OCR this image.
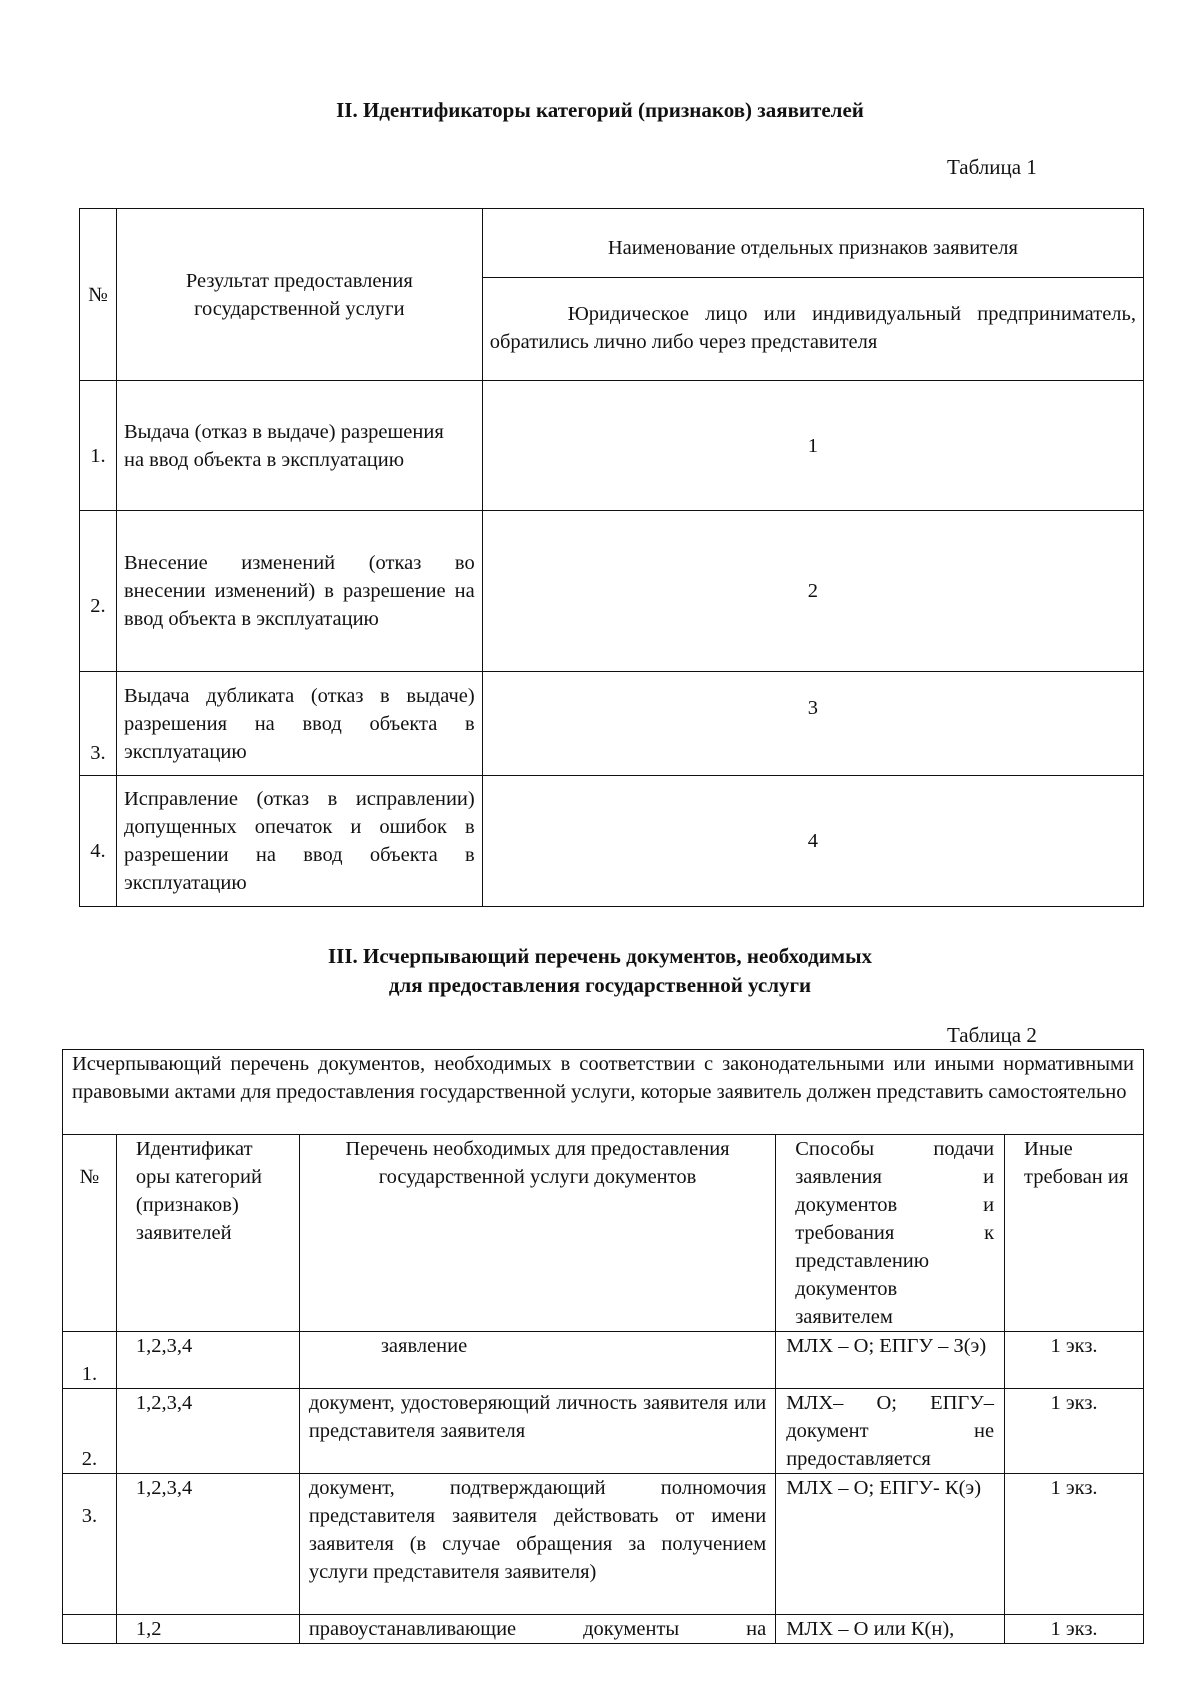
II. Идентификаторы категорий (признаков) заявителей
Таблица 1
№	Результат предоставления государственной услуги	Наименование отдельных признаков заявителя
		Юридическое лицо или индивидуальный предприниматель, обратились лично либо через представителя
1.	Выдача (отказ в выдаче) разрешения на ввод объекта в эксплуатацию	1
2.	Внесение изменений (отказ во внесении изменений) в разрешение на ввод объекта в эксплуатацию	2
3.	Выдача дубликата (отказ в выдаче) разрешения на ввод объекта в эксплуатацию	3
4.	Исправление (отказ в исправлении) допущенных опечаток и ошибок в разрешении на ввод объекта в эксплуатацию	4
III. Исчерпывающий перечень документов, необходимых
для предоставления государственной услуги
Таблица 2
Исчерпывающий перечень документов, необходимых в соответствии с законодательными или иными нормативными правовыми актами для предоставления государственной услуги, которые заявитель должен представить самостоятельно				
№	Идентификат оры категорий (признаков) заявителей	Перечень необходимых для предоставления государственной услуги документов	Способы подачи заявления и документов и требования к представлению документов заявителем	Иные требован ия
1.	1,2,3,4	заявление	МЛХ – О; ЕПГУ – З(э)	1 экз.
2.	1,2,3,4	документ, удостоверяющий личность заявителя или представителя заявителя	МЛХ– О; ЕПГУ– документ не предоставляется	1 экз.
3.	1,2,3,4	документ, подтверждающий полномочия представителя заявителя действовать от имени заявителя (в случае обращения за получением услуги представителя заявителя)	МЛХ – О; ЕПГУ- К(э)	1 экз.
	1,2	правоустанавливающие документы на	МЛХ – О или К(н),	1 экз.
